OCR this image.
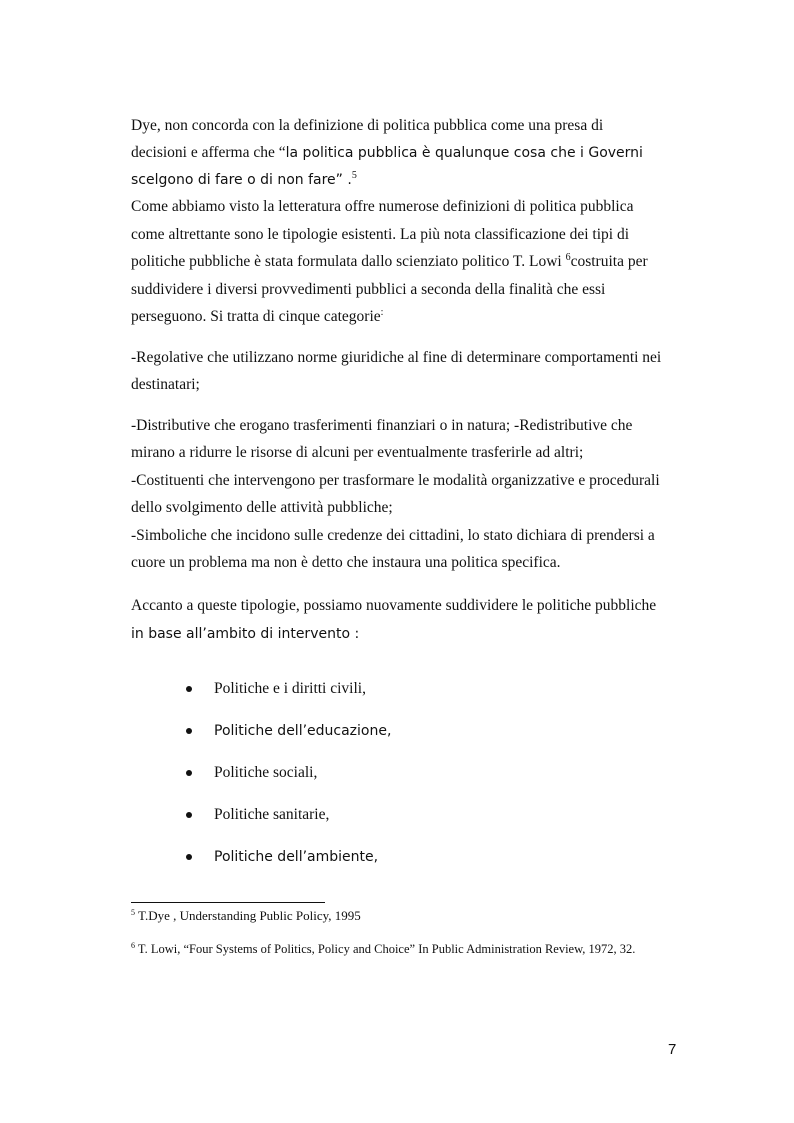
Dye, non concorda con la definizione di politica pubblica come una presa di
decisioni e afferma che “la politica pubblica è qualunque cosa che i Governi
scelgono di fare o di non fare” .$^5$
Come abbiamo visto la letteratura offre numerose definizioni di politica pubblica
come altrettante sono le tipologie esistenti. La più nota classificazione dei tipi di
politiche pubbliche è stata formulata dallo scienziato politico T. Lowi $^6$costruita per
suddividere i diversi provvedimenti pubblici a seconda della finalità che essi
perseguono. Si tratta di cinque categorie:
-Regolative che utilizzano norme giuridiche al fine di determinare comportamenti nei
destinatari;
-Distributive che erogano trasferimenti finanziari o in natura; -Redistributive che
mirano a ridurre le risorse di alcuni per eventualmente trasferirle ad altri;
-Costituenti che intervengono per trasformare le modalità organizzative e procedurali
dello svolgimento delle attività pubbliche;
-Simboliche che incidono sulle credenze dei cittadini, lo stato dichiara di prendersi a
cuore un problema ma non è detto che instaura una politica specifica.
Accanto a queste tipologie, possiamo nuovamente suddividere le politiche pubbliche
in base all’ambito di intervento :
Politiche e i diritti civili,
Politiche dell’educazione,
Politiche sociali,
Politiche sanitarie,
Politiche dell’ambiente,
$^5$ T.Dye , Understanding Public Policy, 1995
$^6$ T. Lowi, “Four Systems of Politics, Policy and Choice” In Public Administration Review, 1972, 32.
7
